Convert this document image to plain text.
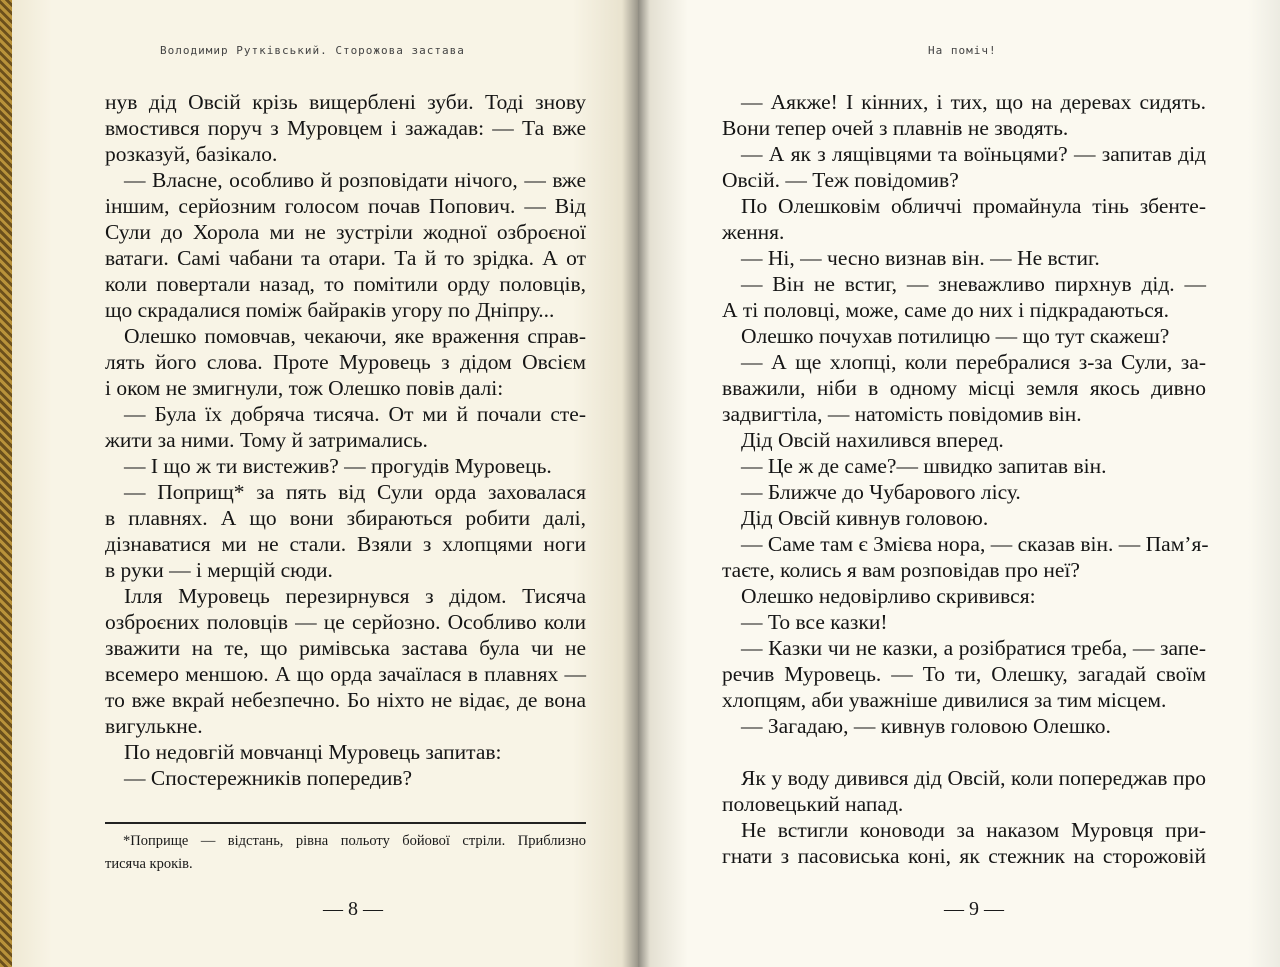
Володимир Рутківський. Сторожова застава
нув дід Овсій крізь вищерблені зуби. Тоді знову
вмостився поруч з Муровцем і зажадав: — Та вже
розказуй, базікало.
— Власне, особливо й розповідати нічого, — вже
іншим, серйозним голосом почав Попович. — Від
Сули до Хорола ми не зустріли жодної озброєної
ватаги. Самі чабани та отари. Та й то зрідка. А от
коли повертали назад, то помітили орду половців,
що скрадалися поміж байраків угору по Дніпру...
Олешко помовчав, чекаючи, яке враження справ-
лять його слова. Проте Муровець з дідом Овсієм
і оком не змигнули, тож Олешко повів далі:
— Була їх добряча тисяча. От ми й почали сте-
жити за ними. Тому й затримались.
— І що ж ти вистежив? — прогудів Муровець.
— Поприщ* за пять від Сули орда заховалася
в плавнях. А що вони збираються робити далі,
дізнаватися ми не стали. Взяли з хлопцями ноги
в руки — і мерщій сюди.
Ілля Муровець перезирнувся з дідом. Тисяча
озброєних половців — це серйозно. Особливо коли
зважити на те, що римівська застава була чи не
всемеро меншою. А що орда зачаїлася в плавнях —
то вже вкрай небезпечно. Бо ніхто не відає, де вона
вигулькне.
По недовгій мовчанці Муровець запитав:
— Спостережників попередив?
*Поприще — відстань, рівна польоту бойової стріли. Приблизно
тисяча кроків.
— 8 —
На поміч!
— Аякже! І кінних, і тих, що на деревах сидять.
Вони тепер очей з плавнів не зводять.
— А як з лящівцями та воїньцями? — запитав дід
Овсій. — Теж повідомив?
По Олешковім обличчі промайнула тінь збенте-
ження.
— Ні, — чесно визнав він. — Не встиг.
— Він не встиг, — зневажливо пирхнув дід. —
А ті половці, може, саме до них і підкрадаються.
Олешко почухав потилицю — що тут скажеш?
— А ще хлопці, коли перебралися з-за Сули, за-
вважили, ніби в одному місці земля якось дивно
задвигтіла, — натомість повідомив він.
Дід Овсій нахилився вперед.
— Це ж де саме?— швидко запитав він.
— Ближче до Чубарового лісу.
Дід Овсій кивнув головою.
— Саме там є Змієва нора, — сказав він. — Пам’я-
таєте, колись я вам розповідав про неї?
Олешко недовірливо скривився:
— То все казки!
— Казки чи не казки, а розібратися треба, — запе-
речив Муровець. — То ти, Олешку, загадай своїм
хлопцям, аби уважніше дивилися за тим місцем.
— Загадаю, — кивнув головою Олешко.
Як у воду дивився дід Овсій, коли попереджав про
половецький напад.
Не встигли коноводи за наказом Муровця при-
гнати з пасовиська коні, як стежник на сторожовій
— 9 —
